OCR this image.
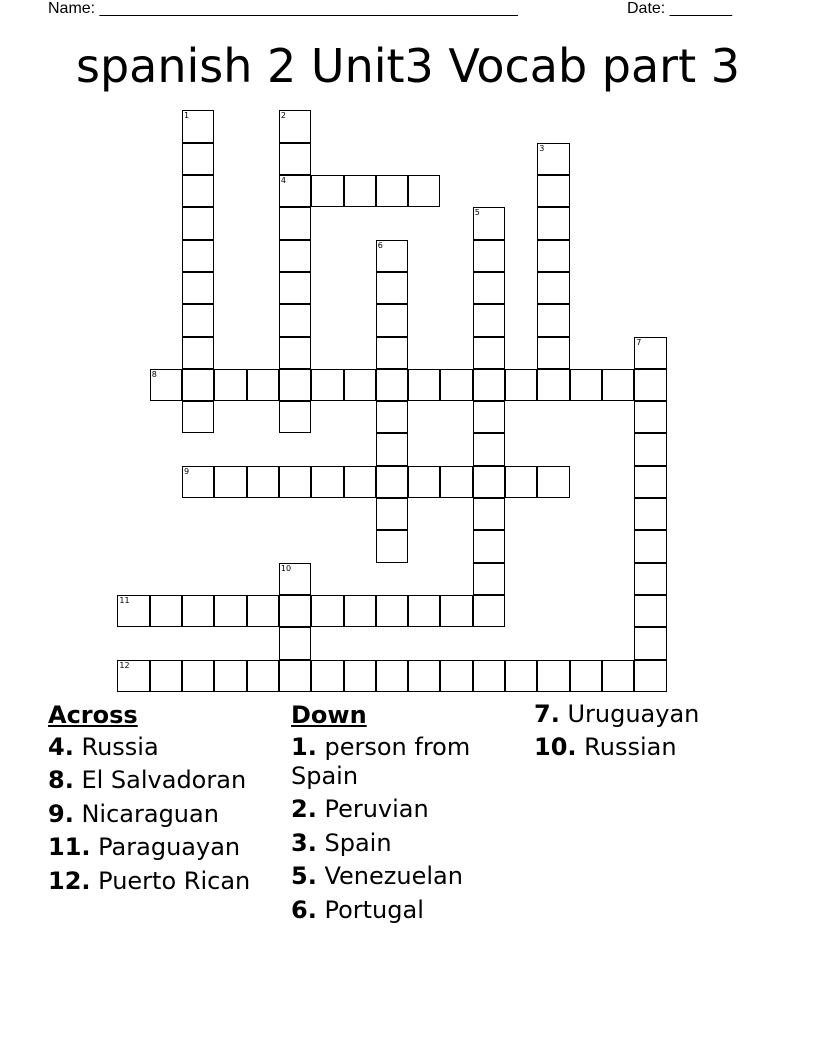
Name: _______________________________________________	Date: _______
spanish 2 Unit3 Vocab part 3
1	2
4
3
5
6
7
8
9
10
11
12
Across
4. Russia
8. El Salvadoran
9. Nicaraguan
11. Paraguayan
12. Puerto Rican
Down
1. person from Spain
2. Peruvian
3. Spain
5. Venezuelan
6. Portugal
7. Uruguayan
10. Russian
